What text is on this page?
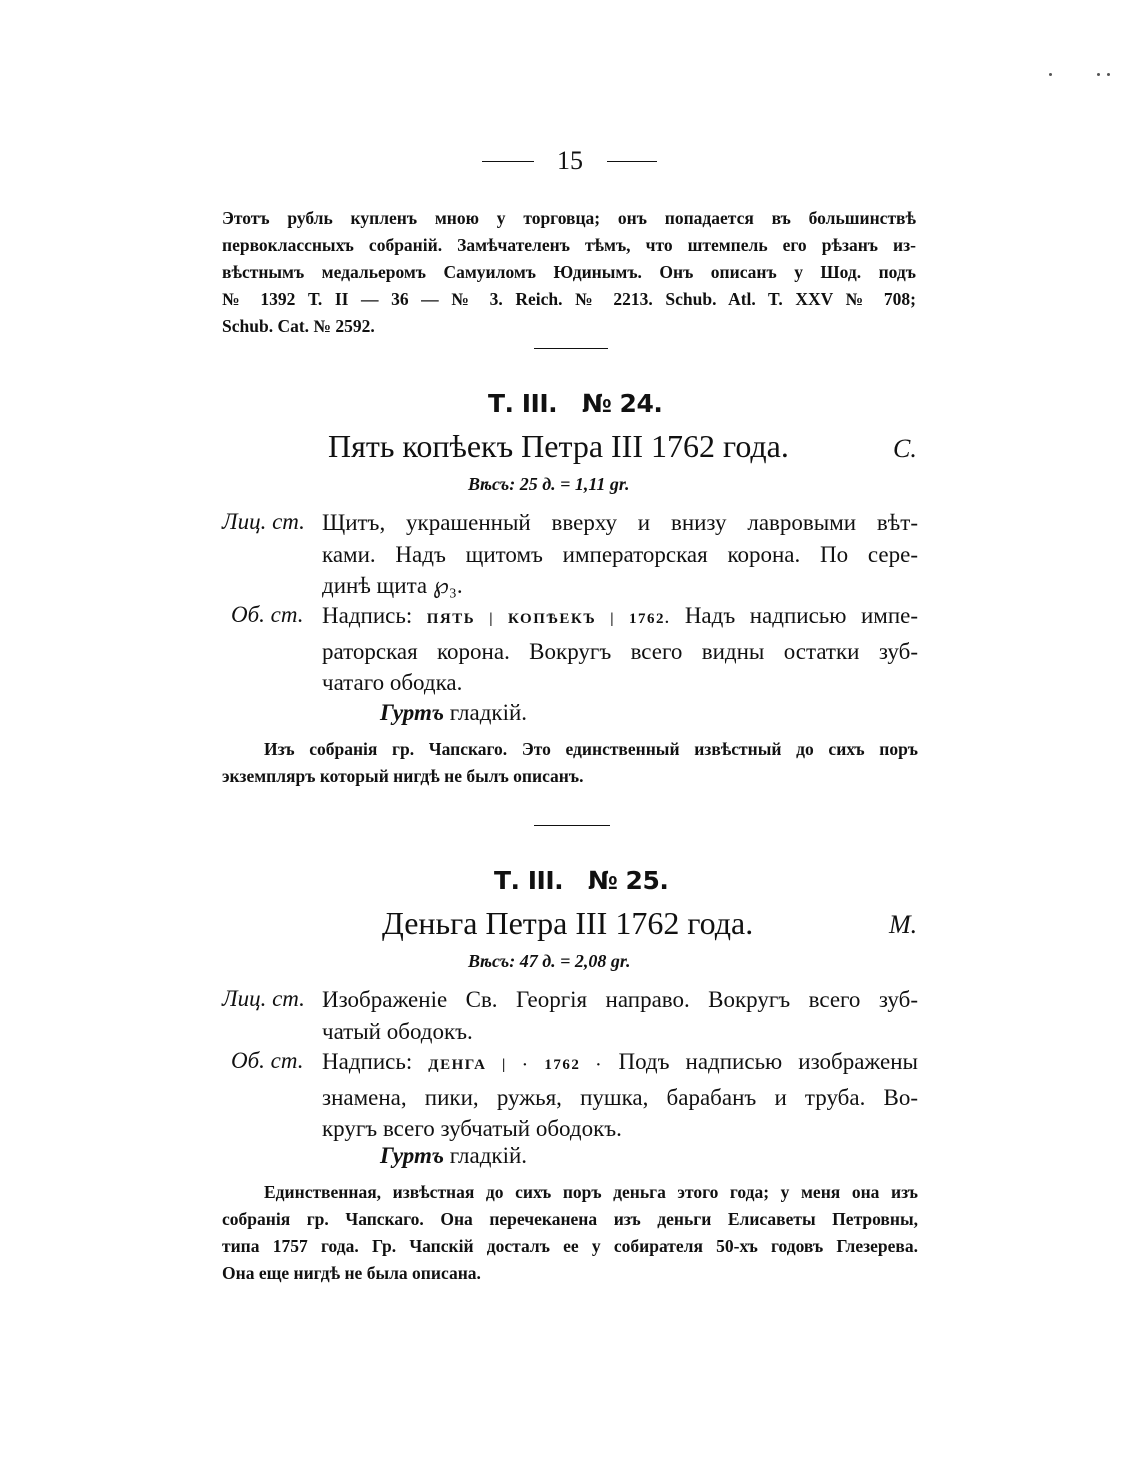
15
Этотъ рубль купленъ мною у торговца; онъ попадается въ большинствѣ
первоклассныхъ собраній. Замѣчателенъ тѣмъ, что штемпель его рѣзанъ из-
вѣстнымъ медальеромъ Самуиломъ Юдинымъ. Онъ описанъ у Шод. подъ
№ 1392 Т. II — 36 — № 3. Reich. № 2213. Schub. Atl. T. XXV № 708;
Schub. Cat. № 2592.
Т. III.   № 24.
Пять копѣекъ Петра III 1762 года.	C.
Вѣсъ: 25 д. = 1,11 gr.
Лиц. ст. Щитъ, украшенный вверху и внизу лавровыми вѣт-
ками. Надъ щитомъ императорская корона. По сере-
динѣ щита ℘₃.
Об. ст. Надпись: ПЯТЬ | КОПѢЕКЪ | 1762. Надъ надписью импе-
раторская корона. Вокругъ всего видны остатки зуб-
чатаго ободка.
Гуртъ гладкій.
Изъ собранія гр. Чапскаго. Это единственный извѣстный до сихъ поръ
экземпляръ который нигдѣ не былъ описанъ.
Т. III.   № 25.
Деньга Петра III 1762 года.	M.
Вѣсъ: 47 д. = 2,08 gr.
Лиц. ст. Изображеніе Св. Георгія направо. Вокругъ всего зуб-
чатый ободокъ.
Об. ст. Надпись: ДЕНГА | · 1762 · Подъ надписью изображены
знамена, пики, ружья, пушка, барабанъ и труба. Во-
кругъ всего зубчатый ободокъ.
Гуртъ гладкій.
Единственная, извѣстная до сихъ поръ деньга этого года; у меня она изъ
собранія гр. Чапскаго. Она перечеканена изъ деньги Елисаветы Петровны,
типа 1757 года. Гр. Чапскій досталъ ее у собирателя 50-хъ годовъ Глезерева.
Она еще нигдѣ не была описана.
